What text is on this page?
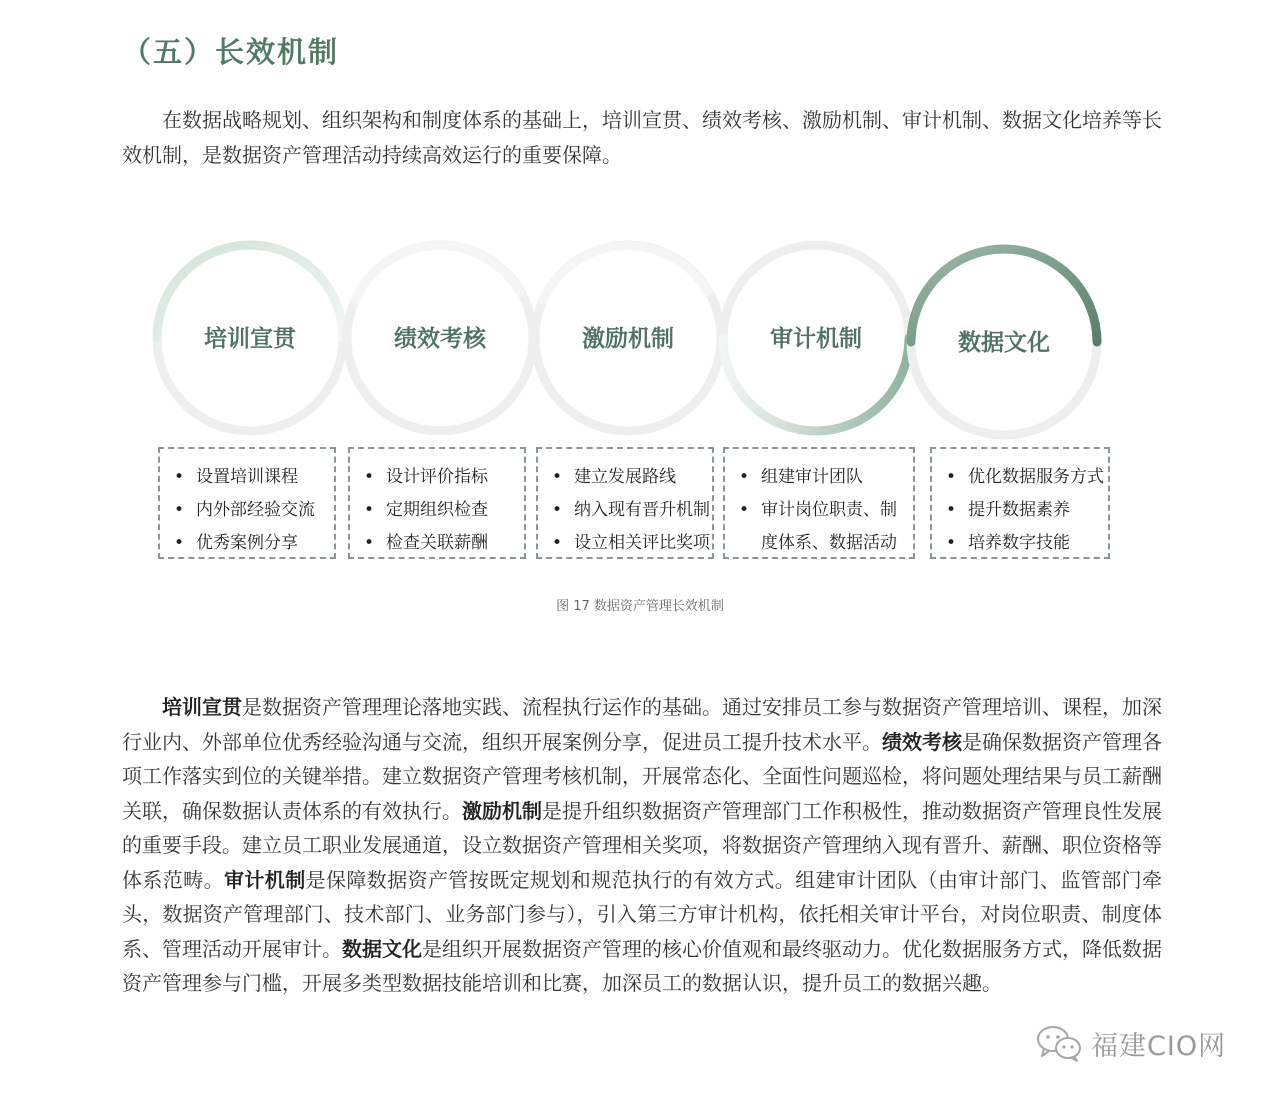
（五）长效机制

在数据战略规划、组织架构和制度体系的基础上，培训宣贯、绩效考核、激励机制、审计机制、数据文化培养等长效机制，是数据资产管理活动持续高效运行的重要保障。

培训宣贯	绩效考核	激励机制	审计机制	数据文化
• 设置培训课程
• 内外部经验交流
• 优秀案例分享
• 设计评价指标
• 定期组织检查
• 检查关联薪酬
• 建立发展路线
• 纳入现有晋升机制
• 设立相关评比奖项
• 组建审计团队
• 审计岗位职责、制
度体系、数据活动
• 优化数据服务方式
• 提升数据素养
• 培养数字技能
图 17 数据资产管理长效机制

培训宣贯是数据资产管理理论落地实践、流程执行运作的基础。通过安排员工参与数据资产管理培训、课程，加深行业内、外部单位优秀经验沟通与交流，组织开展案例分享，促进员工提升技术水平。绩效考核是确保数据资产管理各项工作落实到位的关键举措。建立数据资产管理考核机制，开展常态化、全面性问题巡检，将问题处理结果与员工薪酬关联，确保数据认责体系的有效执行。激励机制是提升组织数据资产管理部门工作积极性，推动数据资产管理良性发展的重要手段。建立员工职业发展通道，设立数据资产管理相关奖项，将数据资产管理纳入现有晋升、薪酬、职位资格等体系范畴。审计机制是保障数据资产管按既定规划和规范执行的有效方式。组建审计团队（由审计部门、监管部门牵头，数据资产管理部门、技术部门、业务部门参与），引入第三方审计机构，依托相关审计平台，对岗位职责、制度体系、管理活动开展审计。数据文化是组织开展数据资产管理的核心价值观和最终驱动力。优化数据服务方式，降低数据资产管理参与门槛，开展多类型数据技能培训和比赛，加深员工的数据认识，提升员工的数据兴趣。

福建CIO网
